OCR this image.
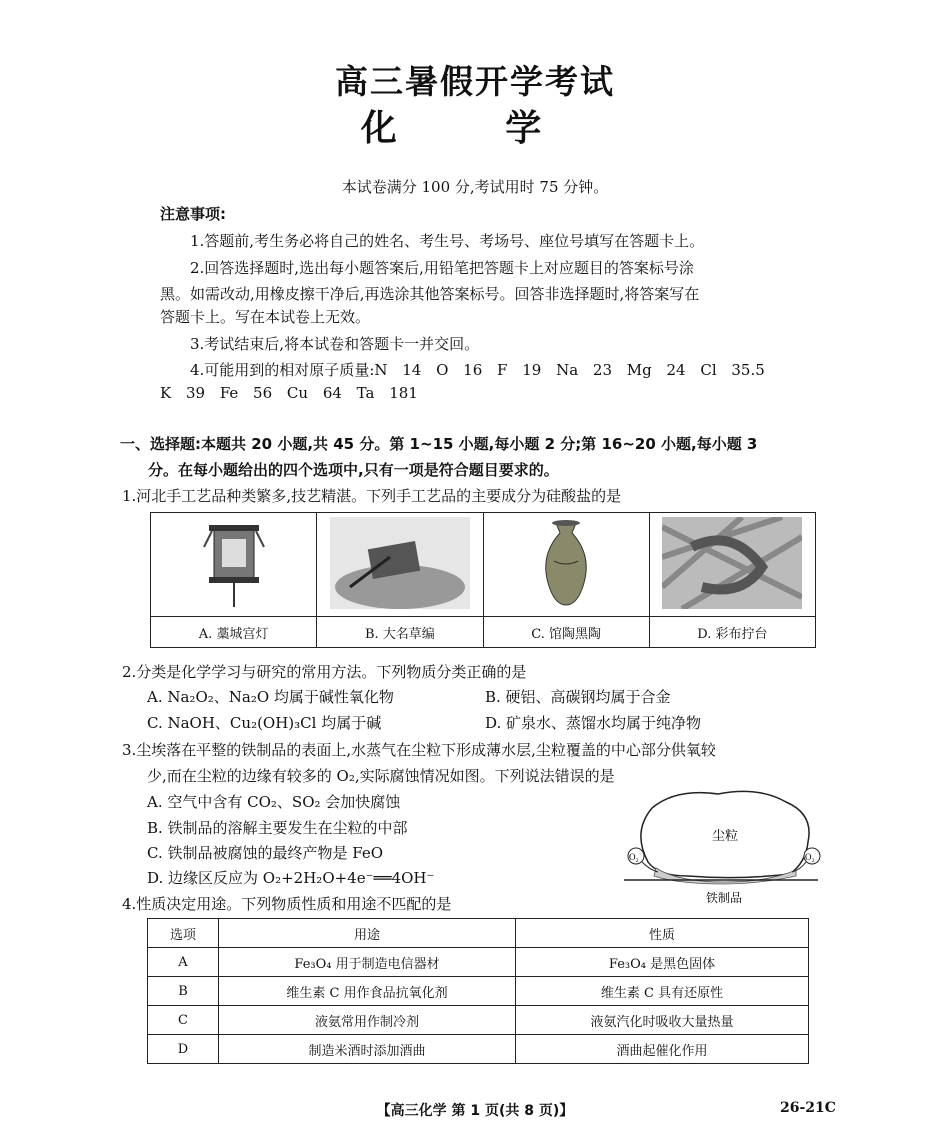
高三暑假开学考试
化 学
本试卷满分 100 分,考试用时 75 分钟。
注意事项:
1.答题前,考生务必将自己的姓名、考生号、考场号、座位号填写在答题卡上。
2.回答选择题时,选出每小题答案后,用铅笔把答题卡上对应题目的答案标号涂
黑。如需改动,用橡皮擦干净后,再选涂其他答案标号。回答非选择题时,将答案写在
答题卡上。写在本试卷上无效。
3.考试结束后,将本试卷和答题卡一并交回。
4.可能用到的相对原子质量:N 14 O 16 F 19 Na 23 Mg 24 Cl 35.5
K 39 Fe 56 Cu 64 Ta 181
一、选择题:本题共 20 小题,共 45 分。第 1~15 小题,每小题 2 分;第 16~20 小题,每小题 3
分。在每小题给出的四个选项中,只有一项是符合题目要求的。
1.河北手工艺品种类繁多,技艺精湛。下列手工艺品的主要成分为硅酸盐的是

A. 藁城宫灯	B. 大名草编	C. 馆陶黑陶	D. 彩布拧台
2.分类是化学学习与研究的常用方法。下列物质分类正确的是
A. Na₂O₂、Na₂O 均属于碱性氧化物	B. 硬铝、高碳钢均属于合金
C. NaOH、Cu₂(OH)₃Cl 均属于碱	D. 矿泉水、蒸馏水均属于纯净物
3.尘埃落在平整的铁制品的表面上,水蒸气在尘粒下形成薄水层,尘粒覆盖的中心部分供氧较
少,而在尘粒的边缘有较多的 O₂,实际腐蚀情况如图。下列说法错误的是
A. 空气中含有 CO₂、SO₂ 会加快腐蚀
B. 铁制品的溶解主要发生在尘粒的中部
C. 铁制品被腐蚀的最终产物是 FeO
D. 边缘区反应为 O₂+2H₂O+4e⁻══4OH⁻
尘粒
O₂	O₂
铁制品
4.性质决定用途。下列物质性质和用途不匹配的是
选项	用途	性质
A	Fe₃O₄ 用于制造电信器材	Fe₃O₄ 是黑色固体
B	维生素 C 用作食品抗氧化剂	维生素 C 具有还原性
C	液氨常用作制冷剂	液氨汽化时吸收大量热量
D	制造米酒时添加酒曲	酒曲起催化作用
【高三化学 第 1 页(共 8 页)】	26-21C
